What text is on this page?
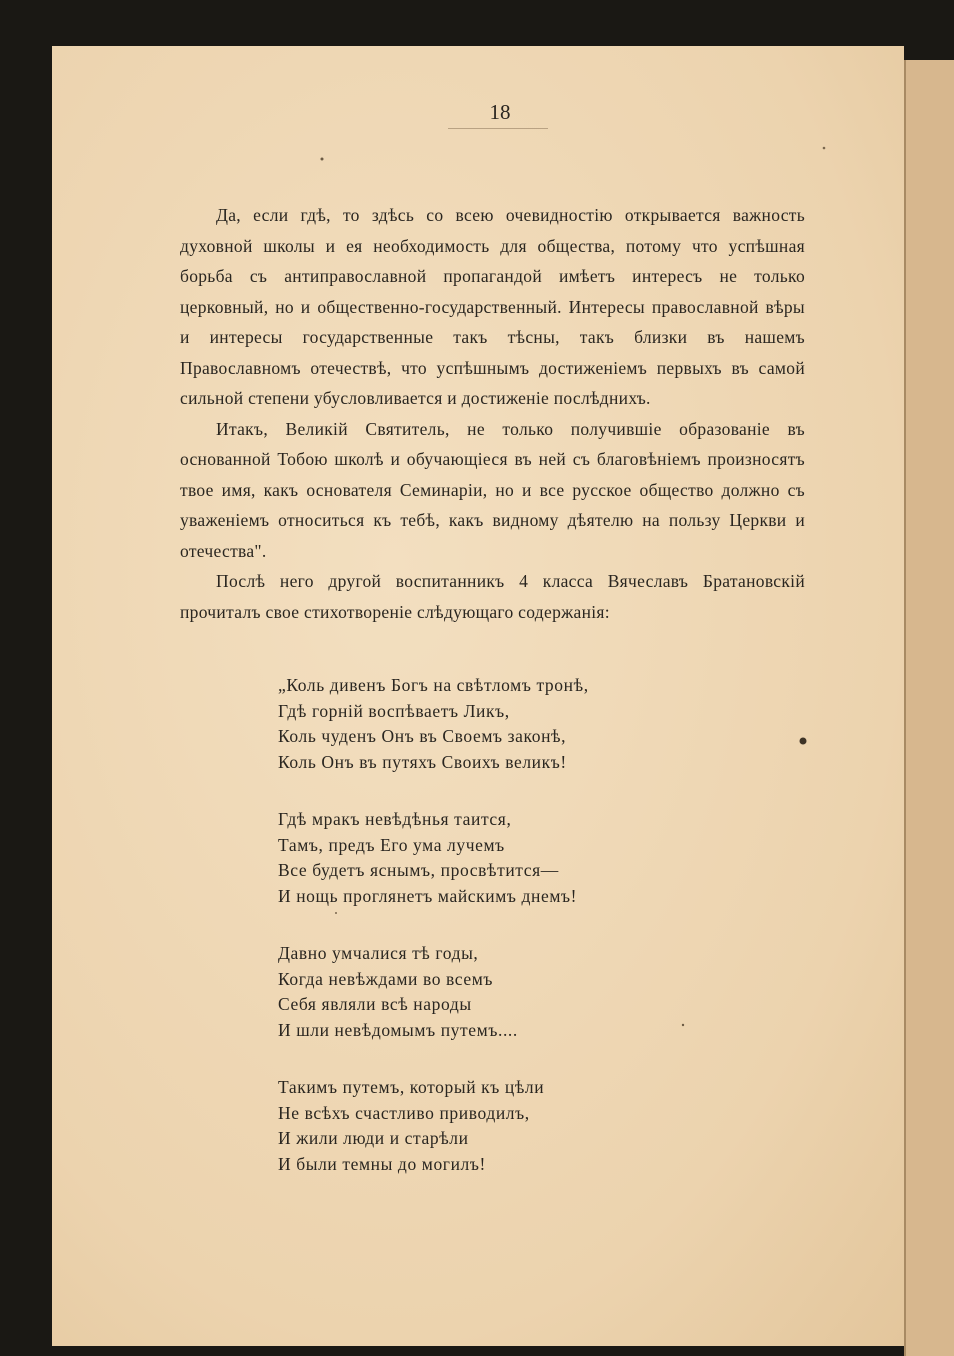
18

Да, если гдѣ, то здѣсь со всею очевидностію открывается важность духовной школы и ея необходимость для общества, потому что успѣшная борьба съ антиправославной пропагандой имѣетъ интересъ не только церковный, но и общественно-государственный. Интересы православной вѣры и интересы государственные такъ тѣсны, такъ близки въ нашемъ Православномъ отечествѣ, что успѣшнымъ достиженіемъ первыхъ въ самой сильной степени убусловливается и достиженіе послѣднихъ.

Итакъ, Великій Святитель, не только получившіе образованіе въ основанной Тобою школѣ и обучающіеся въ ней съ благовѣніемъ произносятъ твое имя, какъ основателя Семинаріи, но и все русское общество должно съ уваженіемъ относиться къ тебѣ, какъ видному дѣятелю на пользу Церкви и отечества".

Послѣ него другой воспитанникъ 4 класса Вячеславъ Братановскій прочиталъ свое стихотвореніе слѣдующаго содержанія:

„Коль дивенъ Богъ на свѣтломъ тронѣ,
Гдѣ горній воспѣваетъ Ликъ,
Коль чуденъ Онъ въ Своемъ законѣ,
Коль Онъ въ путяхъ Своихъ великъ!
Гдѣ мракъ невѣдѣнья таится,
Тамъ, предъ Его ума лучемъ
Все будетъ яснымъ, просвѣтится—
И нощь проглянетъ майскимъ днемъ!
Давно умчалися тѣ годы,
Когда невѣждами во всемъ
Себя являли всѣ народы
И шли невѣдомымъ путемъ....
Такимъ путемъ, который къ цѣли
Не всѣхъ счастливо приводилъ,
И жили люди и старѣли
И были темны до могилъ!
